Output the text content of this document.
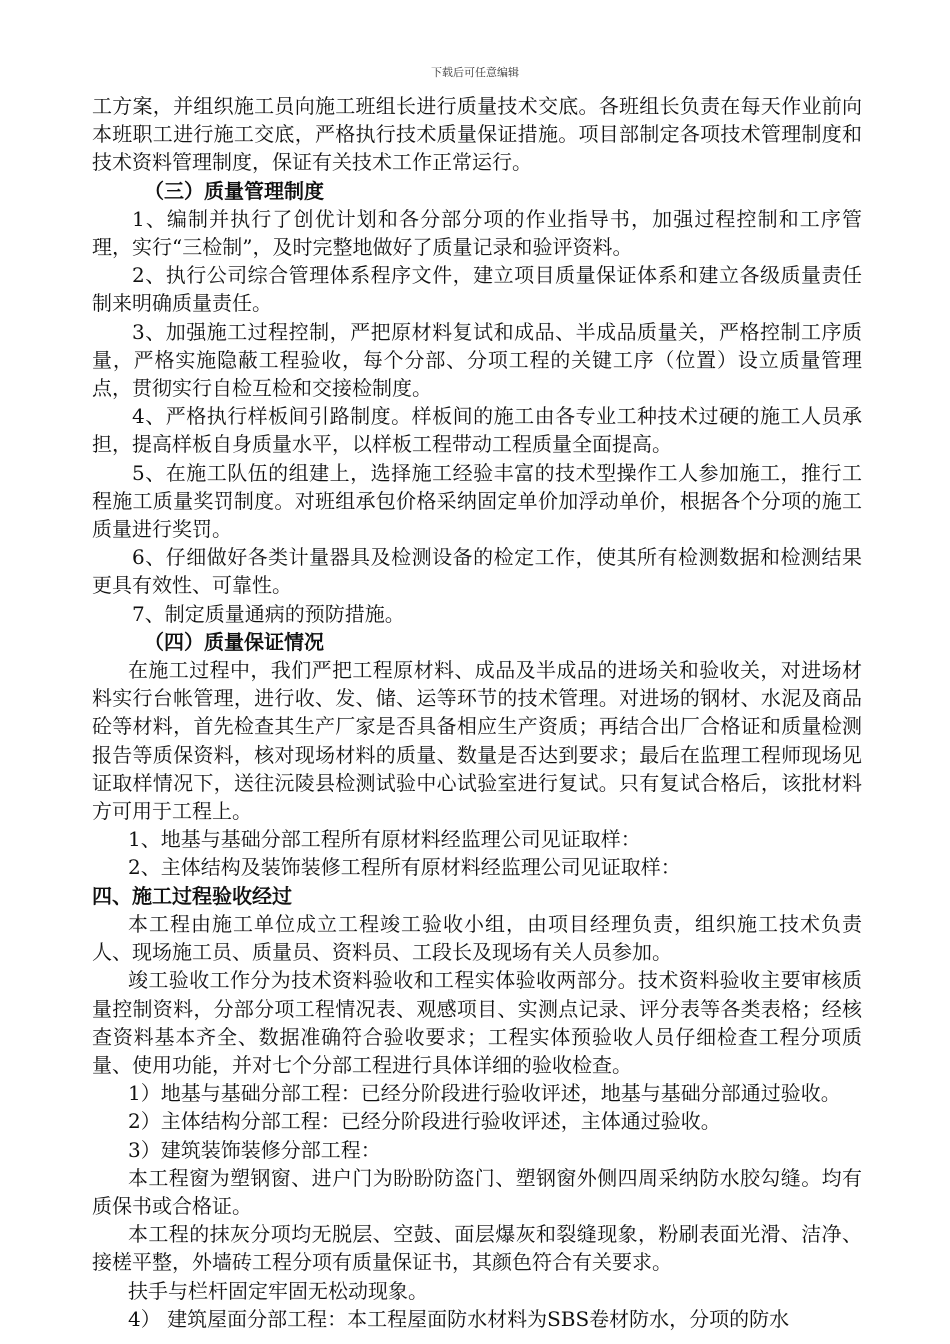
下载后可任意编辑

工方案，并组织施工员向施工班组长进行质量技术交底。各班组长负责在每天作业前向本班职工进行施工交底，严格执行技术质量保证措施。项目部制定各项技术管理制度和技术资料管理制度，保证有关技术工作正常运行。

（三）质量管理制度

1、编制并执行了创优计划和各分部分项的作业指导书，加强过程控制和工序管理，实行“三检制”，及时完整地做好了质量记录和验评资料。

2、执行公司综合管理体系程序文件，建立项目质量保证体系和建立各级质量责任制来明确质量责任。

3、加强施工过程控制，严把原材料复试和成品、半成品质量关，严格控制工序质量，严格实施隐蔽工程验收，每个分部、分项工程的关键工序（位置）设立质量管理点，贯彻实行自检互检和交接检制度。

4、严格执行样板间引路制度。样板间的施工由各专业工种技术过硬的施工人员承担，提高样板自身质量水平，以样板工程带动工程质量全面提高。

5、在施工队伍的组建上，选择施工经验丰富的技术型操作工人参加施工，推行工程施工质量奖罚制度。对班组承包价格采纳固定单价加浮动单价，根据各个分项的施工质量进行奖罚。

6、仔细做好各类计量器具及检测设备的检定工作，使其所有检测数据和检测结果更具有效性、可靠性。

7、制定质量通病的预防措施。

（四）质量保证情况

在施工过程中，我们严把工程原材料、成品及半成品的进场关和验收关，对进场材料实行台帐管理，进行收、发、储、运等环节的技术管理。对进场的钢材、水泥及商品砼等材料，首先检查其生产厂家是否具备相应生产资质；再结合出厂合格证和质量检测报告等质保资料，核对现场材料的质量、数量是否达到要求；最后在监理工程师现场见证取样情况下，送往沅陵县检测试验中心试验室进行复试。只有复试合格后，该批材料方可用于工程上。

1、地基与基础分部工程所有原材料经监理公司见证取样：

2、主体结构及装饰装修工程所有原材料经监理公司见证取样：

四、施工过程验收经过

本工程由施工单位成立工程竣工验收小组，由项目经理负责，组织施工技术负责人、现场施工员、质量员、资料员、工段长及现场有关人员参加。

竣工验收工作分为技术资料验收和工程实体验收两部分。技术资料验收主要审核质量控制资料，分部分项工程情况表、观感项目、实测点记录、评分表等各类表格；经核查资料基本齐全、数据准确符合验收要求；工程实体预验收人员仔细检查工程分项质量、使用功能，并对七个分部工程进行具体详细的验收检查。

1）地基与基础分部工程：已经分阶段进行验收评述，地基与基础分部通过验收。

2）主体结构分部工程：已经分阶段进行验收评述，主体通过验收。

3）建筑装饰装修分部工程：

本工程窗为塑钢窗、进户门为盼盼防盗门、塑钢窗外侧四周采纳防水胶勾缝。均有质保书或合格证。

本工程的抹灰分项均无脱层、空鼓、面层爆灰和裂缝现象，粉刷表面光滑、洁净、接槎平整，外墙砖工程分项有质量保证书，其颜色符合有关要求。

扶手与栏杆固定牢固无松动现象。

4） 建筑屋面分部工程：本工程屋面防水材料为SBS卷材防水，分项的防水
